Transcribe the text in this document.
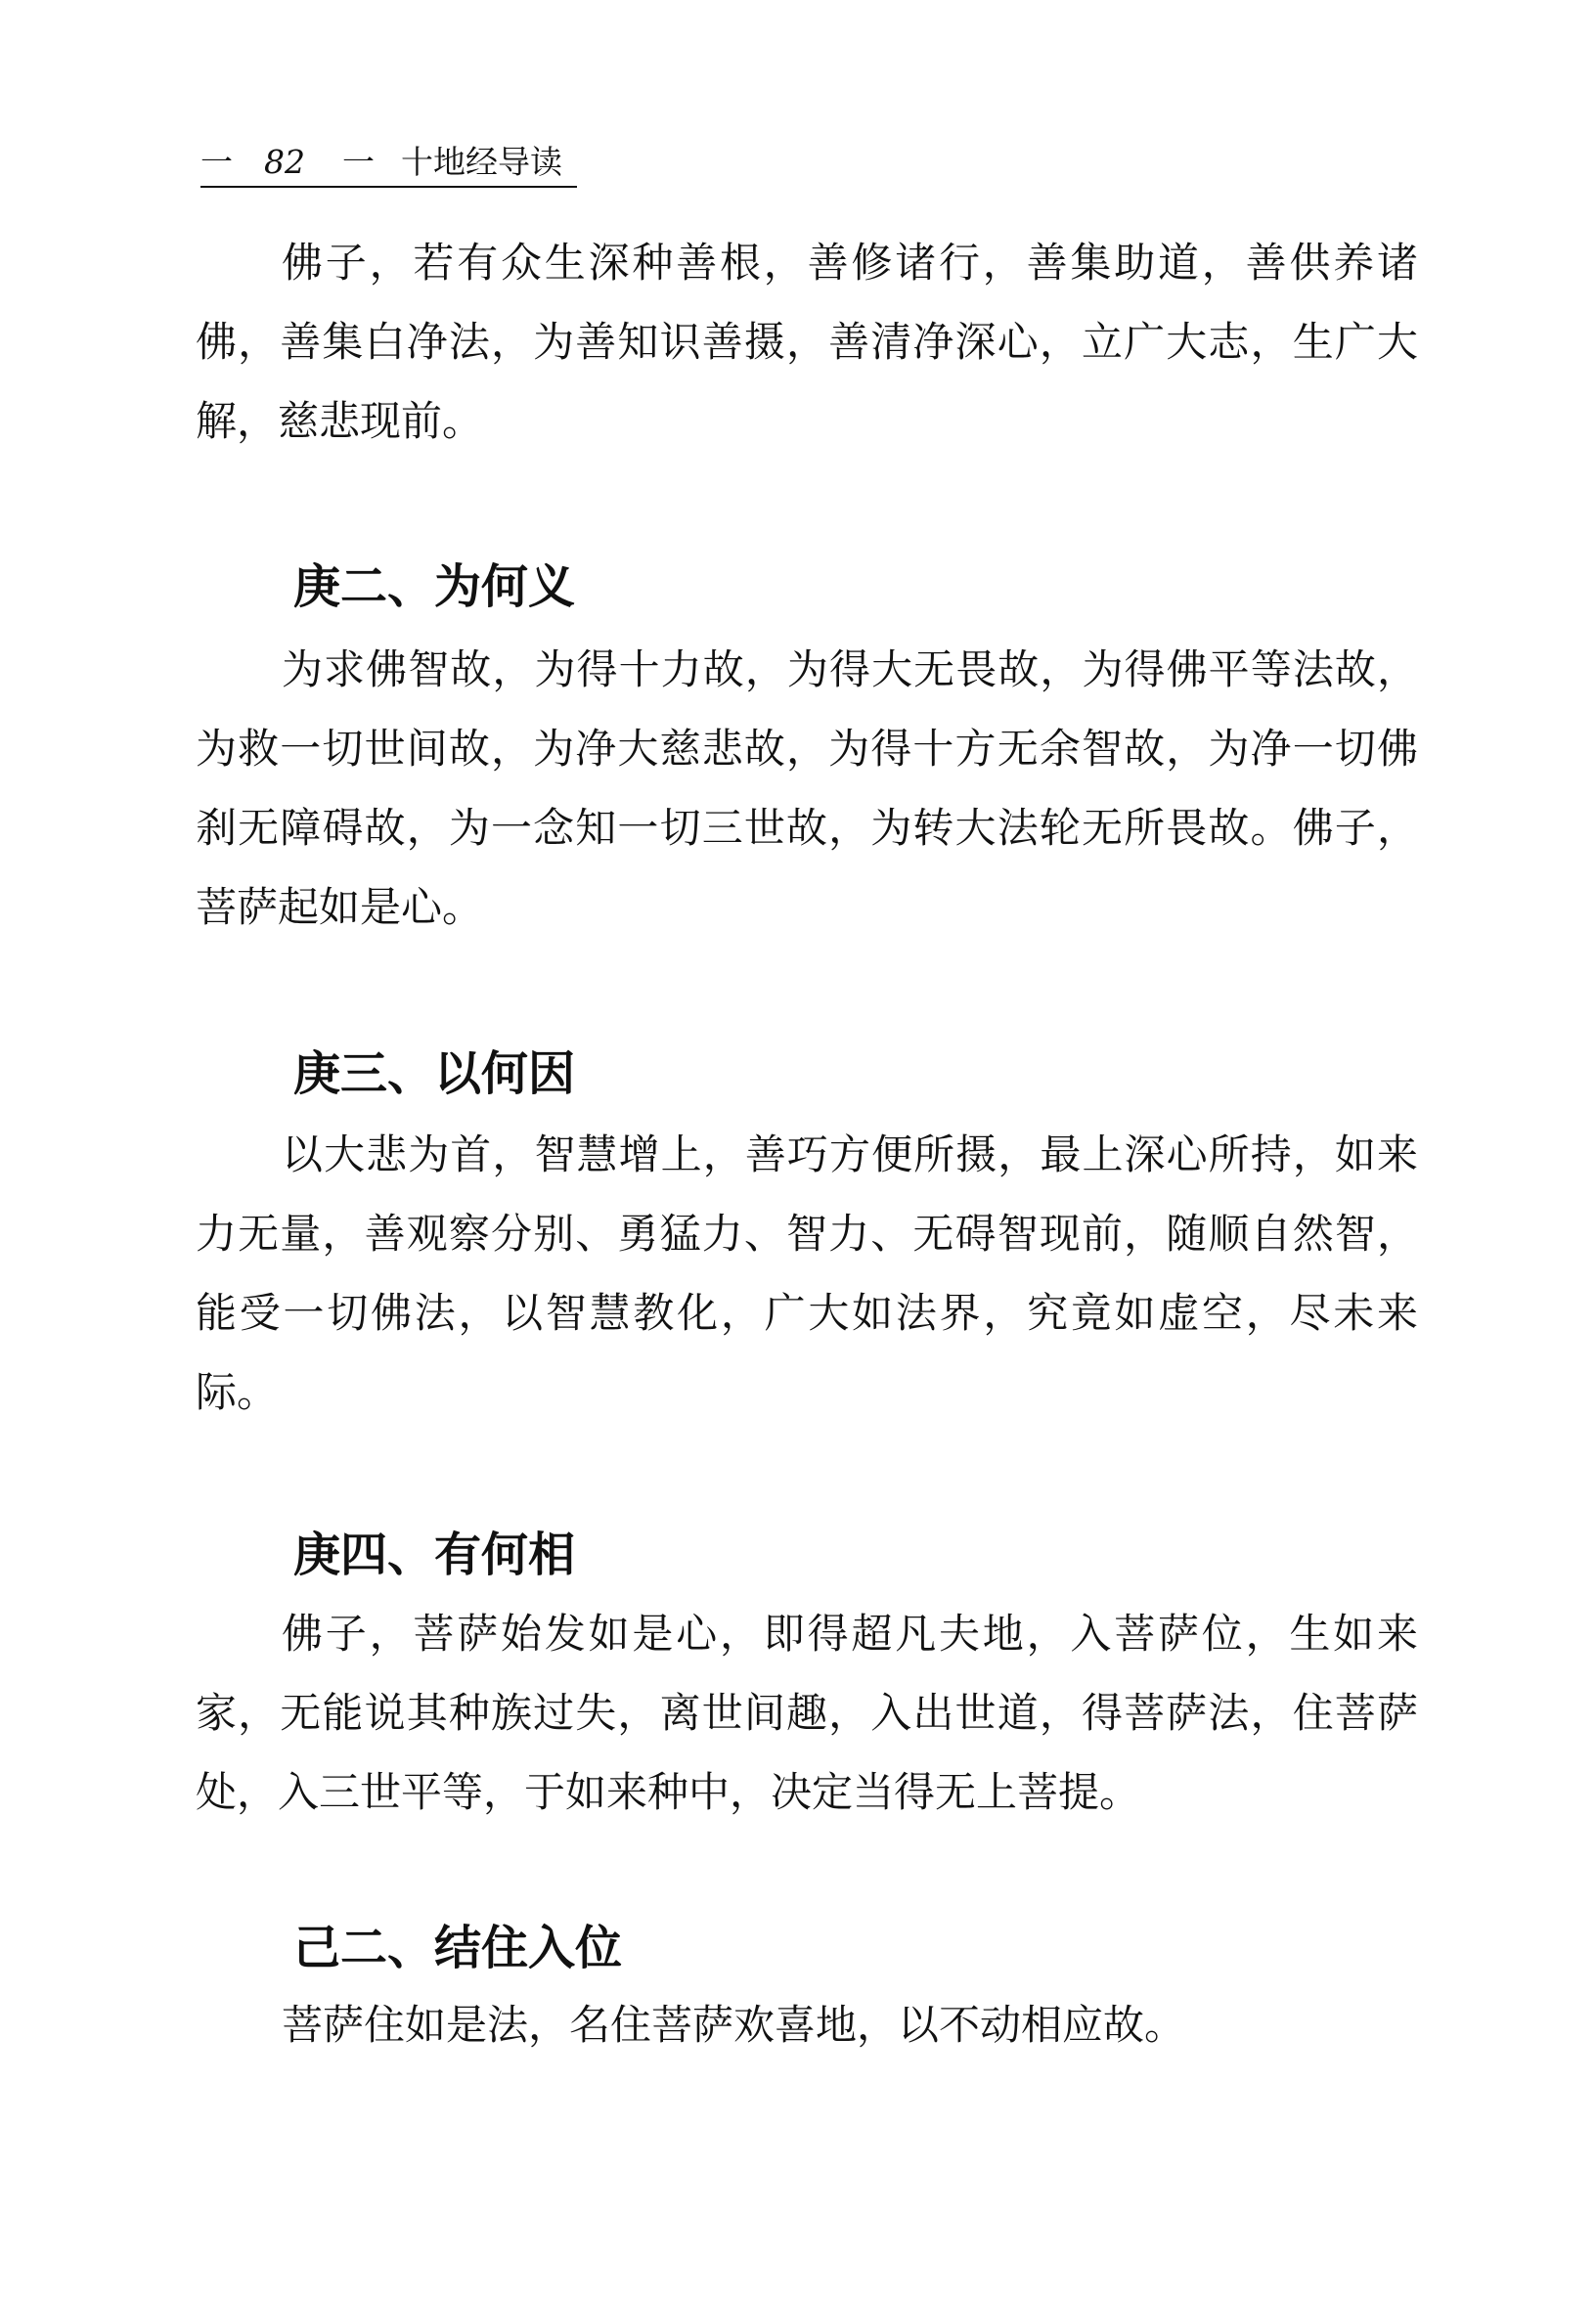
一 82 一 十地经导读

佛子，若有众生深种善根，善修诸行，善集助道，善供养诸佛，善集白净法，为善知识善摄，善清净深心，立广大志，生广大解，慈悲现前。

庚二、为何义

为求佛智故，为得十力故，为得大无畏故，为得佛平等法故，为救一切世间故，为净大慈悲故，为得十方无余智故，为净一切佛刹无障碍故，为一念知一切三世故，为转大法轮无所畏故。佛子，菩萨起如是心。

庚三、以何因

以大悲为首，智慧增上，善巧方便所摄，最上深心所持，如来力无量，善观察分别、勇猛力、智力、无碍智现前，随顺自然智，能受一切佛法，以智慧教化，广大如法界，究竟如虚空，尽未来际。

庚四、有何相

佛子，菩萨始发如是心，即得超凡夫地，入菩萨位，生如来家，无能说其种族过失，离世间趣，入出世道，得菩萨法，住菩萨处，入三世平等，于如来种中，决定当得无上菩提。

己二、结住入位

菩萨住如是法，名住菩萨欢喜地，以不动相应故。
